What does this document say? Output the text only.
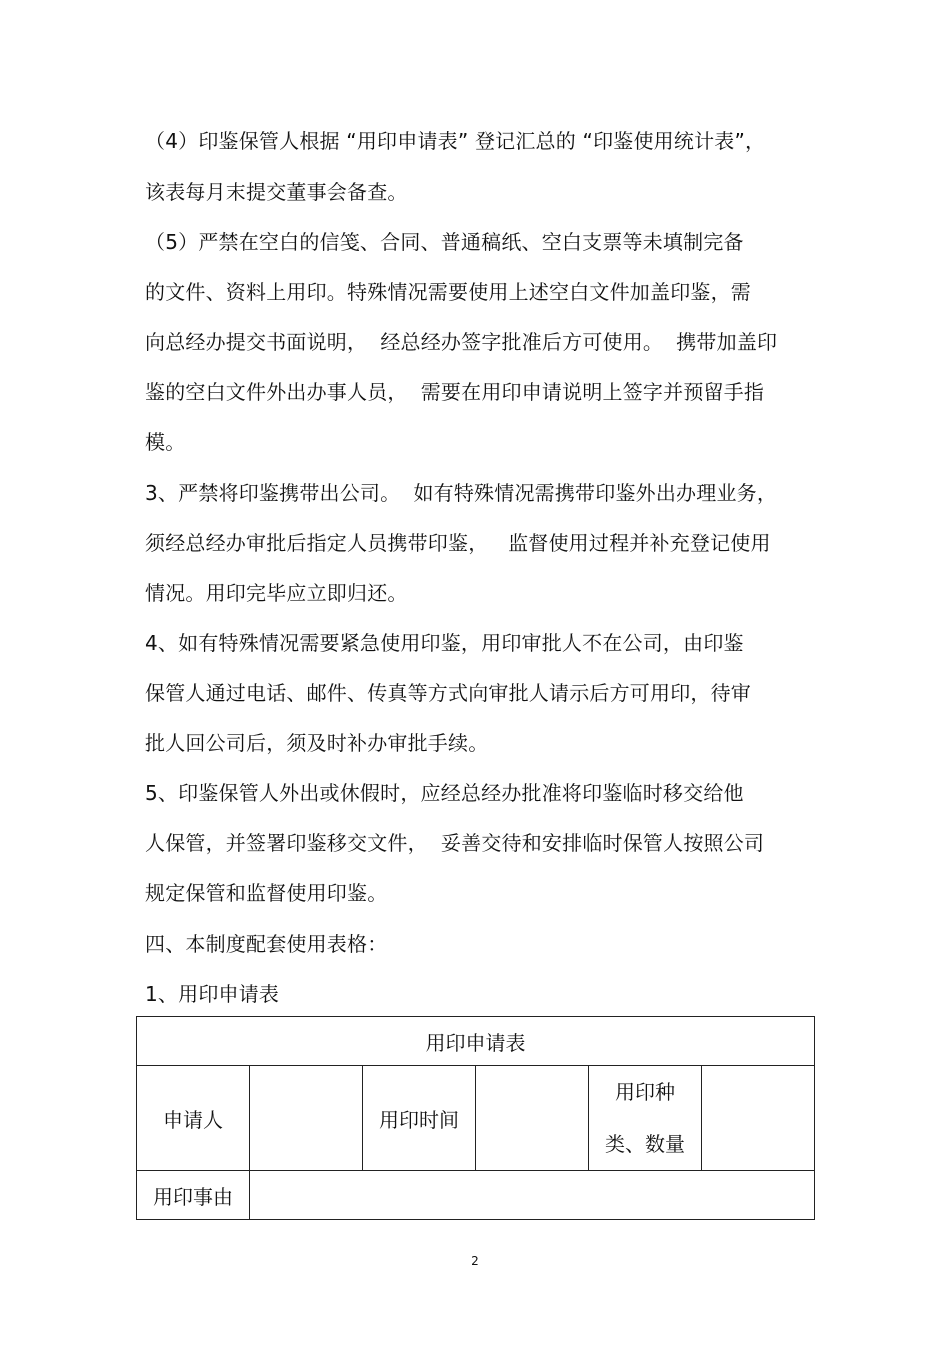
（4）印鉴保管人根据 “用印申请表” 登记汇总的 “印鉴使用统计表”，
该表每月末提交董事会备查。
（5）严禁在空白的信笺、合同、普通稿纸、空白支票等未填制完备
的文件、资料上用印。特殊情况需要使用上述空白文件加盖印鉴，需
向总经办提交书面说明，  经总经办签字批准后方可使用。  携带加盖印
鉴的空白文件外出办事人员，  需要在用印申请说明上签字并预留手指
模。
3、严禁将印鉴携带出公司。  如有特殊情况需携带印鉴外出办理业务，
须经总经办审批后指定人员携带印鉴，   监督使用过程并补充登记使用
情况。用印完毕应立即归还。
4、如有特殊情况需要紧急使用印鉴，用印审批人不在公司，由印鉴
保管人通过电话、邮件、传真等方式向审批人请示后方可用印，待审
批人回公司后，须及时补办审批手续。
5、印鉴保管人外出或休假时，应经总经办批准将印鉴临时移交给他
人保管，并签署印鉴移交文件，  妥善交待和安排临时保管人按照公司
规定保管和监督使用印鉴。
四、本制度配套使用表格：
1、用印申请表
用印申请表					
申请人		用印时间		用印种
类、数量	

用印事由					
2
